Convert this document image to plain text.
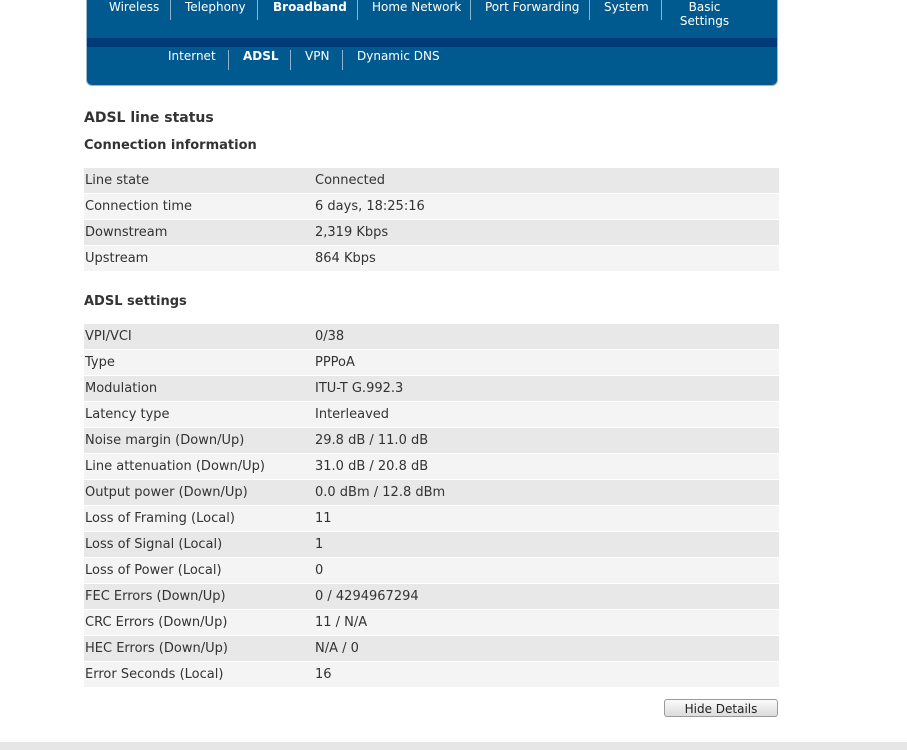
Wireless Telephony Broadband Home Network Port Forwarding System	Basic Settings
Internet ADSL VPN Dynamic DNS
ADSL line status
Connection information
Line state	Connected
Connection time	6 days, 18:25:16
Downstream	2,319 Kbps
Upstream	864 Kbps
ADSL settings
VPI/VCI	0/38
Type	PPPoA
Modulation	ITU-T G.992.3
Latency type	Interleaved
Noise margin (Down/Up)	29.8 dB / 11.0 dB
Line attenuation (Down/Up)	31.0 dB / 20.8 dB
Output power (Down/Up)	0.0 dBm / 12.8 dBm
Loss of Framing (Local)	11
Loss of Signal (Local)	1
Loss of Power (Local)	0
FEC Errors (Down/Up)	0 / 4294967294
CRC Errors (Down/Up)	11 / N/A
HEC Errors (Down/Up)	N/A / 0
Error Seconds (Local)	16
Hide Details
